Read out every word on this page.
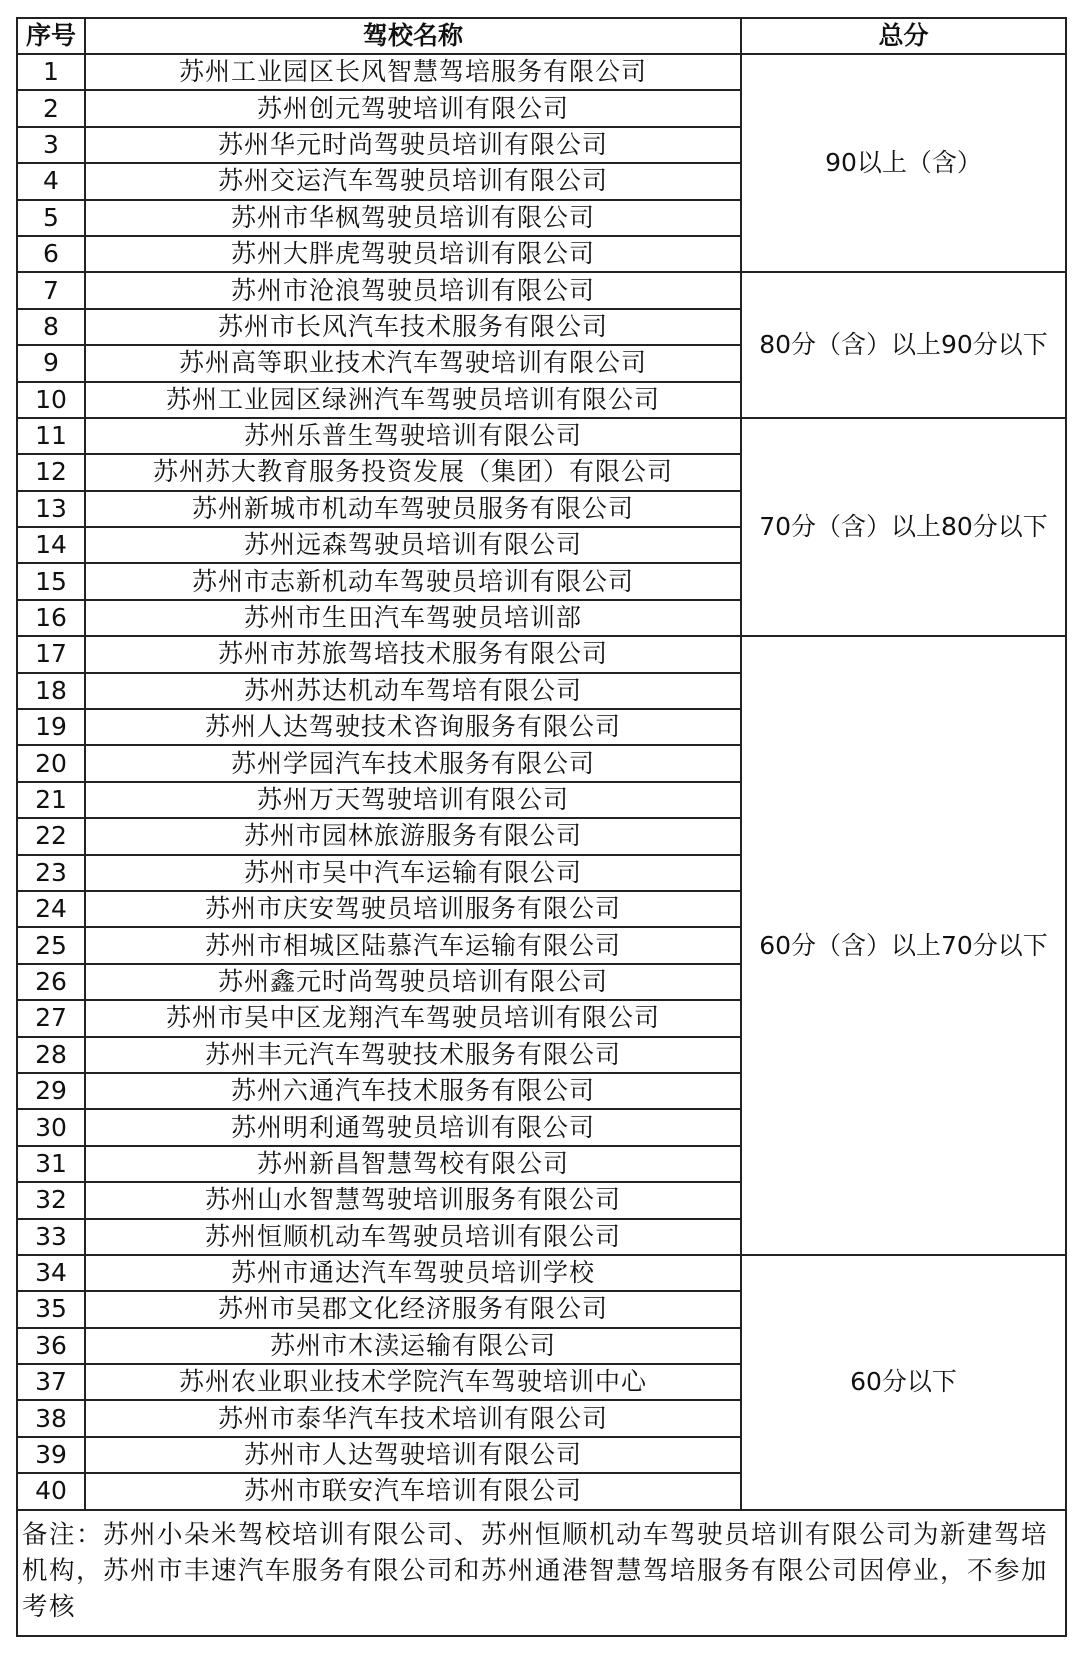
序号	驾校名称	总分
1	苏州工业园区长风智慧驾培服务有限公司	90以上（含）
2	苏州创元驾驶培训有限公司	
3	苏州华元时尚驾驶员培训有限公司	
4	苏州交运汽车驾驶员培训有限公司	
5	苏州市华枫驾驶员培训有限公司	
6	苏州大胖虎驾驶员培训有限公司	
7	苏州市沧浪驾驶员培训有限公司	80分（含）以上90分以下
8	苏州市长风汽车技术服务有限公司	
9	苏州高等职业技术汽车驾驶培训有限公司	
10	苏州工业园区绿洲汽车驾驶员培训有限公司	
11	苏州乐普生驾驶培训有限公司	70分（含）以上80分以下
12	苏州苏大教育服务投资发展（集团）有限公司	
13	苏州新城市机动车驾驶员服务有限公司	
14	苏州远森驾驶员培训有限公司	
15	苏州市志新机动车驾驶员培训有限公司	
16	苏州市生田汽车驾驶员培训部	
17	苏州市苏旅驾培技术服务有限公司	60分（含）以上70分以下
18	苏州苏达机动车驾培有限公司	
19	苏州人达驾驶技术咨询服务有限公司	
20	苏州学园汽车技术服务有限公司	
21	苏州万天驾驶培训有限公司	
22	苏州市园林旅游服务有限公司	
23	苏州市吴中汽车运输有限公司	
24	苏州市庆安驾驶员培训服务有限公司	
25	苏州市相城区陆慕汽车运输有限公司	
26	苏州鑫元时尚驾驶员培训有限公司	
27	苏州市吴中区龙翔汽车驾驶员培训有限公司	
28	苏州丰元汽车驾驶技术服务有限公司	
29	苏州六通汽车技术服务有限公司	
30	苏州明利通驾驶员培训有限公司	
31	苏州新昌智慧驾校有限公司	
32	苏州山水智慧驾驶培训服务有限公司	
33	苏州恒顺机动车驾驶员培训有限公司	
34	苏州市通达汽车驾驶员培训学校	60分以下
35	苏州市吴郡文化经济服务有限公司	
36	苏州市木渎运输有限公司	
37	苏州农业职业技术学院汽车驾驶培训中心	
38	苏州市泰华汽车技术培训有限公司	
39	苏州市人达驾驶培训有限公司	
40	苏州市联安汽车培训有限公司	
备注：苏州小朵米驾校培训有限公司、苏州恒顺机动车驾驶员培训有限公司为新建驾培机构，苏州市丰速汽车服务有限公司和苏州通港智慧驾培服务有限公司因停业，不参加考核		
